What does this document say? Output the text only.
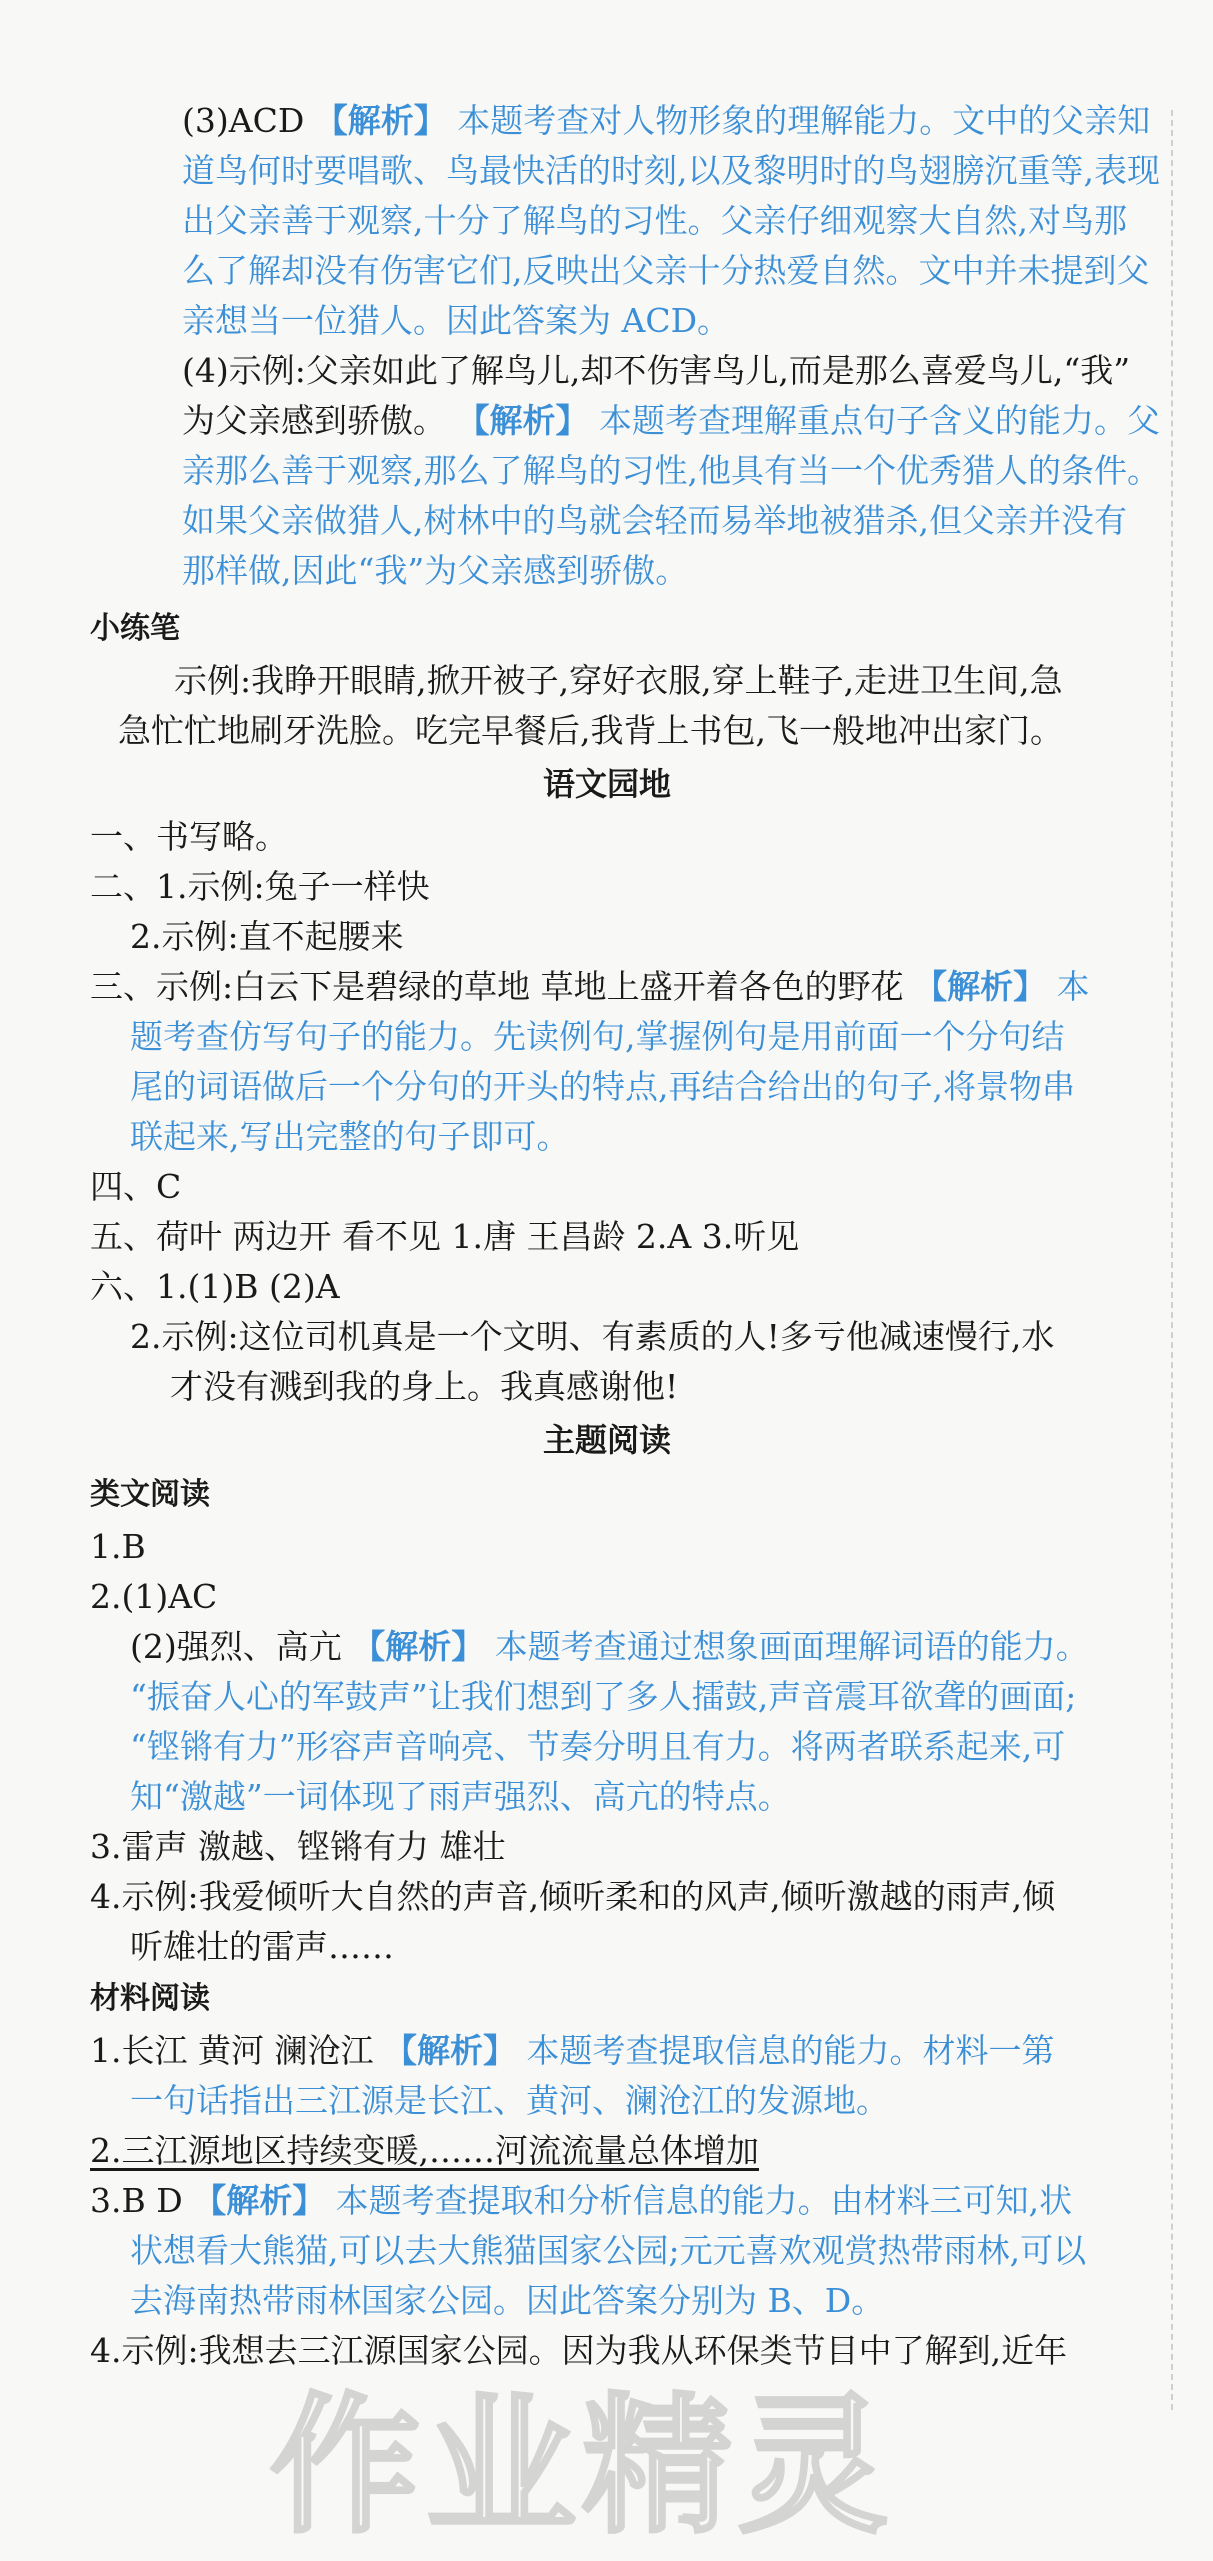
(3)ACD 【解析】 本题考查对人物形象的理解能力。文中的父亲知
道鸟何时要唱歌、鸟最快活的时刻,以及黎明时的鸟翅膀沉重等,表现
出父亲善于观察,十分了解鸟的习性。父亲仔细观察大自然,对鸟那
么了解却没有伤害它们,反映出父亲十分热爱自然。文中并未提到父
亲想当一位猎人。因此答案为 ACD。
(4)示例:父亲如此了解鸟儿,却不伤害鸟儿,而是那么喜爱鸟儿,“我”
为父亲感到骄傲。 【解析】 本题考查理解重点句子含义的能力。父
亲那么善于观察,那么了解鸟的习性,他具有当一个优秀猎人的条件。
如果父亲做猎人,树林中的鸟就会轻而易举地被猎杀,但父亲并没有
那样做,因此“我”为父亲感到骄傲。
小练笔
示例:我睁开眼睛,掀开被子,穿好衣服,穿上鞋子,走进卫生间,急
急忙忙地刷牙洗脸。吃完早餐后,我背上书包,飞一般地冲出家门。
语文园地
一、书写略。
二、1.示例:兔子一样快
2.示例:直不起腰来
三、示例:白云下是碧绿的草地 草地上盛开着各色的野花 【解析】 本
题考查仿写句子的能力。先读例句,掌握例句是用前面一个分句结
尾的词语做后一个分句的开头的特点,再结合给出的句子,将景物串
联起来,写出完整的句子即可。
四、C
五、荷叶 两边开 看不见 1.唐 王昌龄 2.A 3.听见
六、1.(1)B (2)A
2.示例:这位司机真是一个文明、有素质的人!多亏他减速慢行,水
才没有溅到我的身上。我真感谢他!
主题阅读
类文阅读
1.B
2.(1)AC
(2)强烈、高亢 【解析】 本题考查通过想象画面理解词语的能力。
“振奋人心的军鼓声”让我们想到了多人擂鼓,声音震耳欲聋的画面;
“铿锵有力”形容声音响亮、节奏分明且有力。将两者联系起来,可
知“激越”一词体现了雨声强烈、高亢的特点。
3.雷声 激越、铿锵有力 雄壮
4.示例:我爱倾听大自然的声音,倾听柔和的风声,倾听激越的雨声,倾
听雄壮的雷声……
材料阅读
1.长江 黄河 澜沧江 【解析】 本题考查提取信息的能力。材料一第
一句话指出三江源是长江、黄河、澜沧江的发源地。
2.三江源地区持续变暖,……河流流量总体增加
3.B D 【解析】 本题考查提取和分析信息的能力。由材料三可知,状
状想看大熊猫,可以去大熊猫国家公园;元元喜欢观赏热带雨林,可以
去海南热带雨林国家公园。因此答案分别为 B、D。
4.示例:我想去三江源国家公园。因为我从环保类节目中了解到,近年
作业精灵
